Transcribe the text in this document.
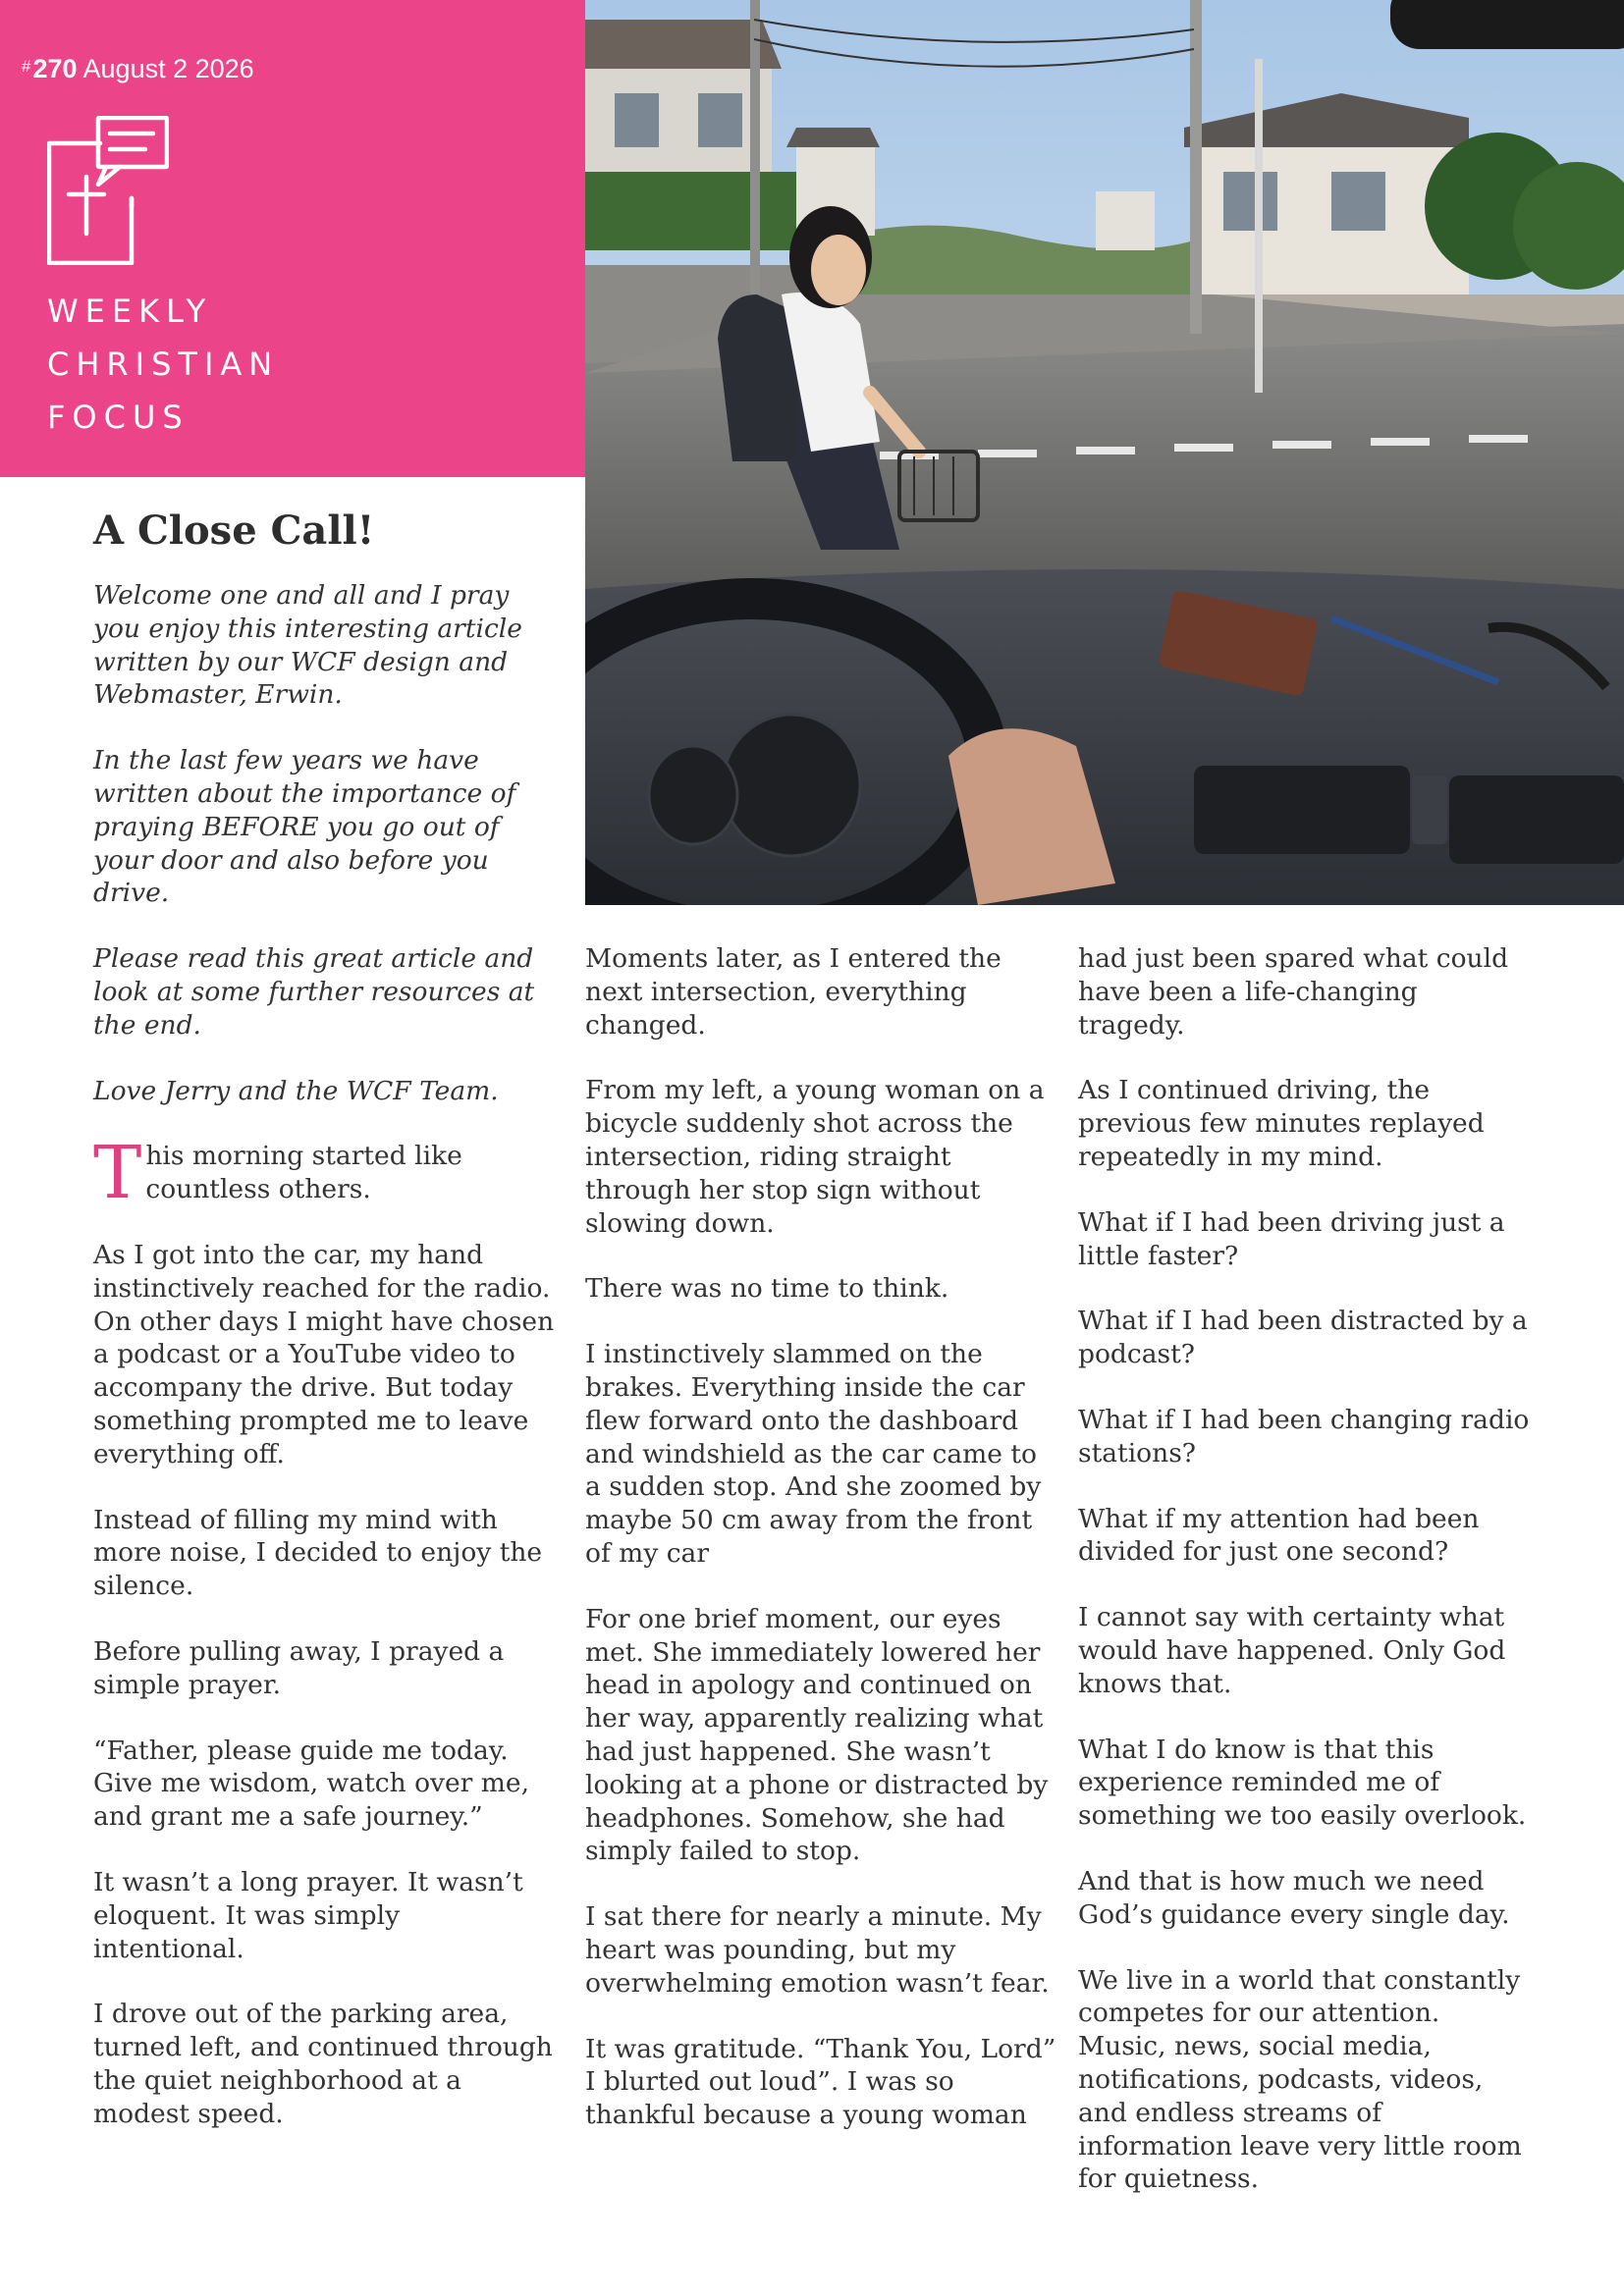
#270 August 2 2026
WEEKLY
CHRISTIAN
FOCUS
A Close Call!

Welcome one and all and I pray you enjoy this interesting article written by our WCF design and Webmaster, Erwin.

In the last few years we have written about the importance of praying BEFORE you go out of your door and also before you drive.

Please read this great article and look at some further resources at the end.

Love Jerry and the WCF Team.

T his morning started like countless others.

As I got into the car, my hand instinctively reached for the radio. On other days I might have chosen a podcast or a YouTube video to accompany the drive. But today something prompted me to leave everything off.

Instead of filling my mind with more noise, I decided to enjoy the silence.

Before pulling away, I prayed a simple prayer.

“Father, please guide me today. Give me wisdom, watch over me, and grant me a safe journey.”

It wasn’t a long prayer. It wasn’t eloquent. It was simply intentional.

I drove out of the parking area, turned left, and continued through the quiet neighborhood at a modest speed.

Moments later, as I entered the next intersection, everything changed.

From my left, a young woman on a bicycle suddenly shot across the intersection, riding straight through her stop sign without slowing down.

There was no time to think.

I instinctively slammed on the brakes. Everything inside the car flew forward onto the dashboard and windshield as the car came to a sudden stop. And she zoomed by maybe 50 cm away from the front of my car

For one brief moment, our eyes met. She immediately lowered her head in apology and continued on her way, apparently realizing what had just happened. She wasn’t looking at a phone or distracted by headphones. Somehow, she had simply failed to stop.

I sat there for nearly a minute. My heart was pounding, but my overwhelming emotion wasn’t fear.

It was gratitude. “Thank You, Lord” I blurted out loud”. I was so thankful because a young woman

had just been spared what could have been a life-changing tragedy.

As I continued driving, the previous few minutes replayed repeatedly in my mind.

What if I had been driving just a little faster?

What if I had been distracted by a podcast?

What if I had been changing radio stations?

What if my attention had been divided for just one second?

I cannot say with certainty what would have happened. Only God knows that.

What I do know is that this experience reminded me of something we too easily overlook.

And that is how much we need God’s guidance every single day.

We live in a world that constantly competes for our attention. Music, news, social media, notifications, podcasts, videos, and endless streams of information leave very little room for quietness.
